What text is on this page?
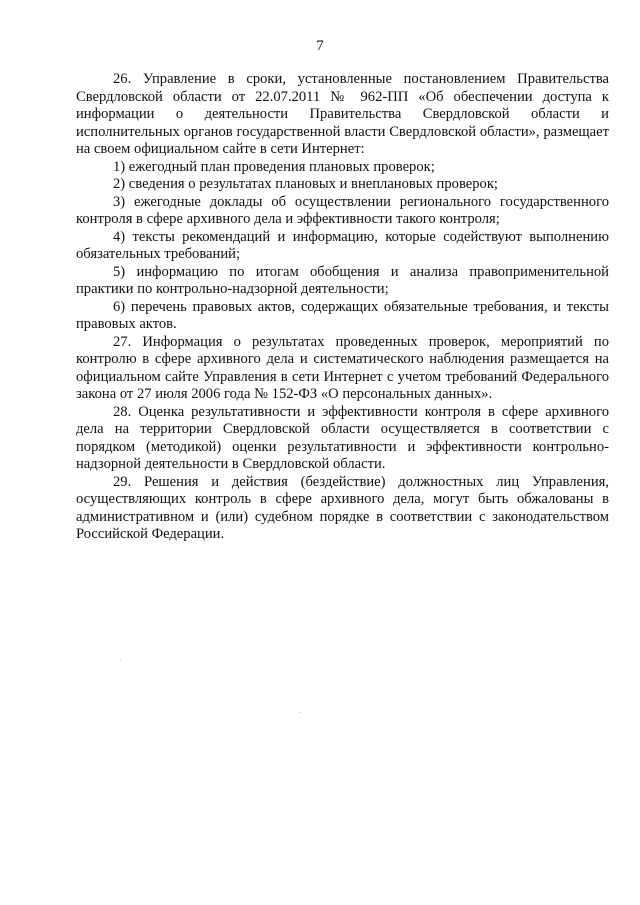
7

26. Управление в сроки, установленные постановлением Правительства Свердловской области от 22.07.2011 № 962-ПП «Об обеспечении доступа к информации о деятельности Правительства Свердловской области и исполнительных органов государственной власти Свердловской области», размещает на своем официальном сайте в сети Интернет:

1) ежегодный план проведения плановых проверок;

2) сведения о результатах плановых и внеплановых проверок;

3) ежегодные доклады об осуществлении регионального государственного контроля в сфере архивного дела и эффективности такого контроля;

4) тексты рекомендаций и информацию, которые содействуют выполнению обязательных требований;

5) информацию по итогам обобщения и анализа правоприменительной практики по контрольно-надзорной деятельности;

6) перечень правовых актов, содержащих обязательные требования, и тексты правовых актов.

27. Информация о результатах проведенных проверок, мероприятий по контролю в сфере архивного дела и систематического наблюдения размещается на официальном сайте Управления в сети Интернет с учетом требований Федерального закона от 27 июля 2006 года № 152-ФЗ «О персональных данных».

28. Оценка результативности и эффективности контроля в сфере архивного дела на территории Свердловской области осуществляется в соответствии с порядком (методикой) оценки результативности и эффективности контрольно-надзорной деятельности в Свердловской области.

29. Решения и действия (бездействие) должностных лиц Управления, осуществляющих контроль в сфере архивного дела, могут быть обжалованы в административном и (или) судебном порядке в соответствии с законодательством Российской Федерации.
